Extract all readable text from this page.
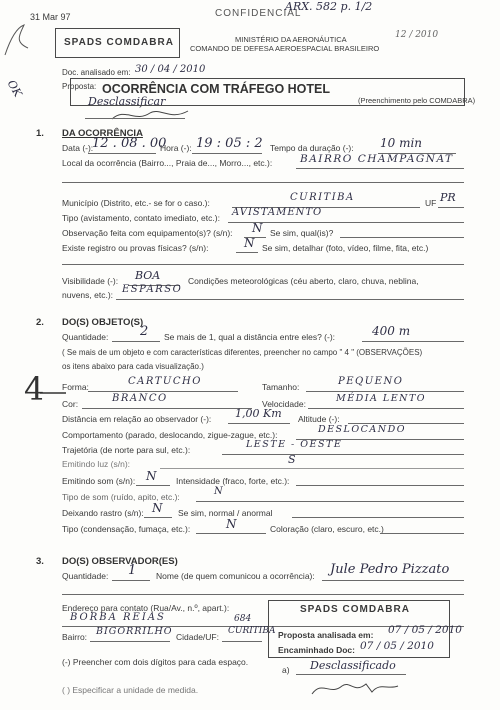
31 Mar 97	CONFIDENCIAL
ARX. 582 p. 1/2
12 / 2010
OK
MINISTÉRIO DA AERONÁUTICA
COMANDO DE DEFESA AEROESPACIAL BRASILEIRO
SPADS COMDABRA
Doc. analisado em: 30 / 04 / 2010
Proposta:
Desclassificar
OCORRÊNCIA COM TRÁFEGO HOTEL
(Preenchimento pelo COMDABRA)
1. DA OCORRÊNCIA
Data (-):
12 . 08 . 00
Hora (-): 19 : 05 : 2 Tempo da duração (-): 10 min
Local da ocorrência (Bairro..., Praia de..., Morro..., etc.):	BAIRRO CHAMPAGNAT
Município (Distrito, etc.- se for o caso.):	CURITIBA	UF PR
Tipo (avistamento, contato imediato, etc.): AVISTAMENTO
Observação feita com equipamento(s)? (s/n): N Se sim, qual(is)?
Existe registro ou provas físicas? (s/n):	N Se sim, detalhar (foto, vídeo, filme, fita, etc.)
Visibilidade (-): BOA	Condições meteorológicas (céu aberto, claro, chuva, neblina,
nuvens, etc.): ESPARSO
2. DO(S) OBJETO(S)
Quantidade: 2 Se mais de 1, qual a distância entre eles? (-):	400 m
( Se mais de um objeto e com características diferentes, preencher no campo " 4 " (OBSERVAÇÕES)
os itens abaixo para cada visualização.)
4 Forma:	CARTUCHO	Tamanho:	PEQUENO
Cor:	BRANCO	Velocidade:	MÉDIA LENTO
Distância em relação ao observador (-): 1,00 Km Altitude (-):
Comportamento (parado, deslocando, zigue-zague, etc.):	DESLOCANDO
Trajetória (de norte para sul, etc.):	LESTE - OESTE
Emitindo luz (s/n):	S
Emitindo som (s/n): N Intensidade (fraco, forte, etc.):
Tipo de som (ruído, apito, etc.):	N
Deixando rastro (s/n): N Se sim, normal / anormal
Tipo (condensação, fumaça, etc.):	N	Coloração (claro, escuro, etc.)
3. DO(S) OBSERVADOR(ES)
Quantidade: 1 Nome (de quem comunicou a ocorrência): Jule Pedro Pizzato
Endereço para contato (Rua/Av., n.º, apart.):
BORBA REIAS	684
Bairro: BIGORRILHO Cidade/UF:
CURITIBA
(-) Preencher com dois dígitos para cada espaço.
( ) Especificar a unidade de medida.
SPADS COMDABRA
Proposta analisada em: 07 / 05 / 2010
Encaminhado Doc: 07 / 05 / 2010
a) Desclassificado
